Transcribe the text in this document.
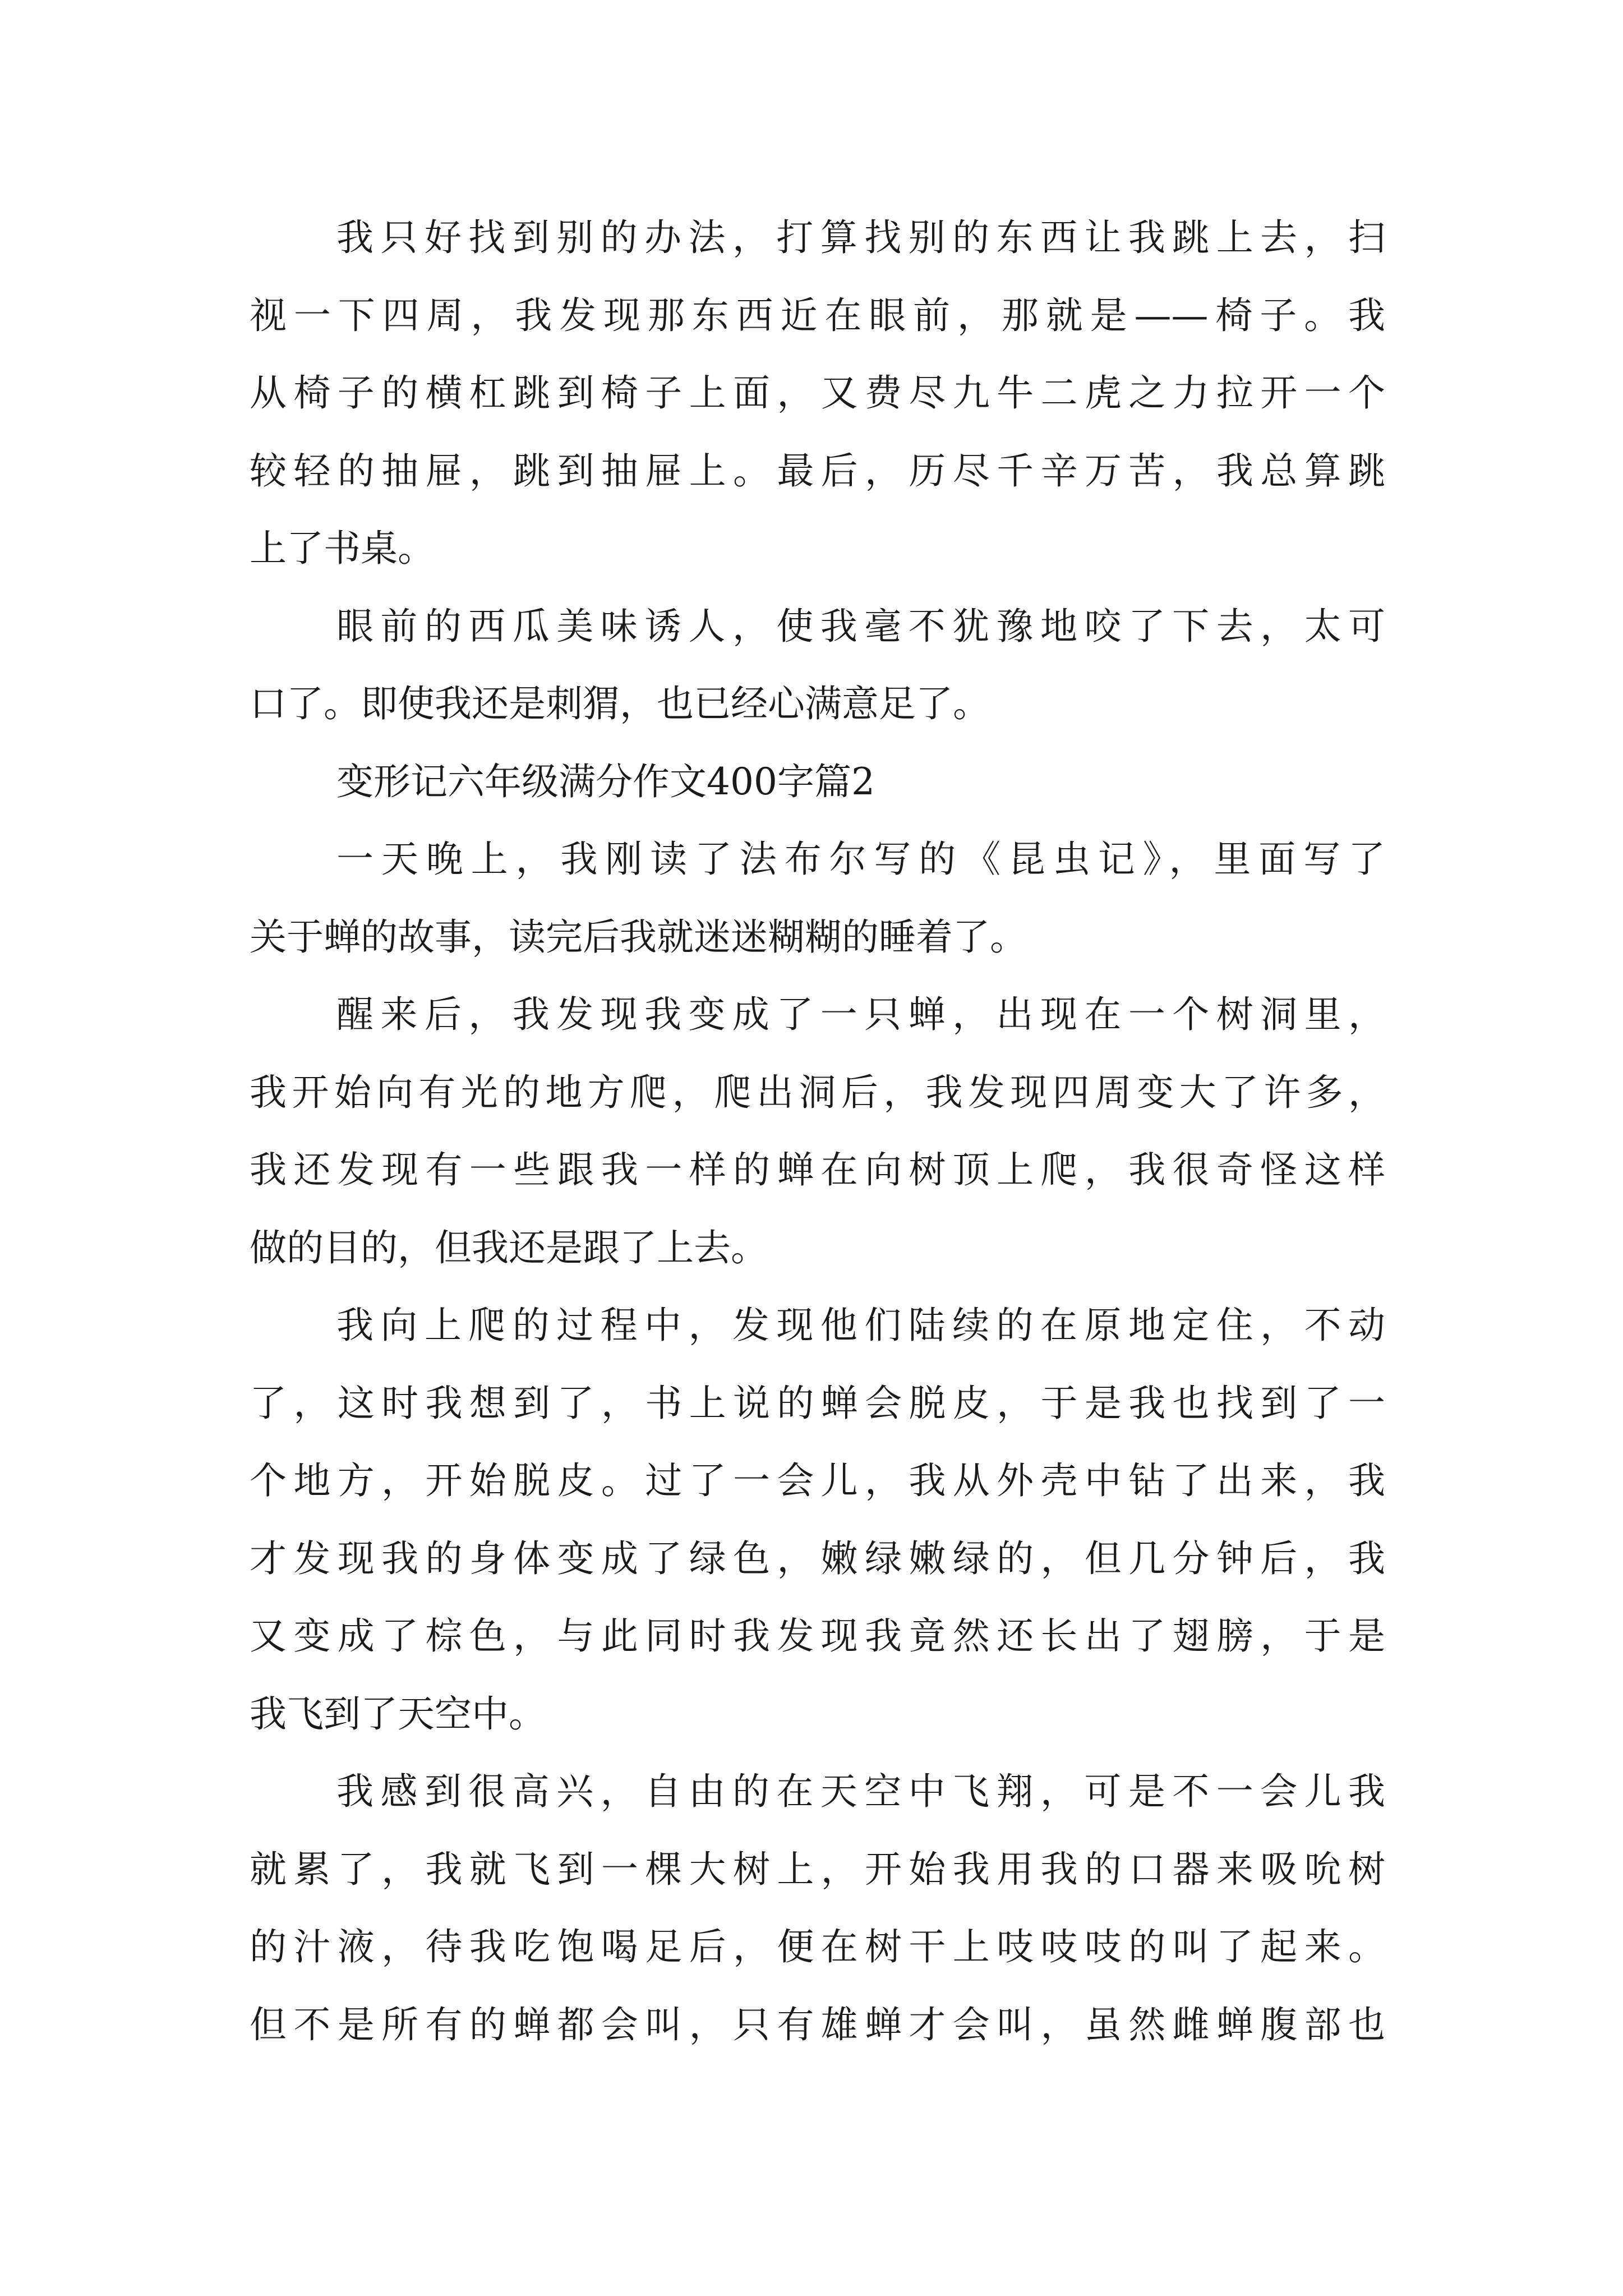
我只好找到别的办法，打算找别的东西让我跳上去，扫
视一下四周，我发现那东西近在眼前，那就是——椅子。我
从椅子的横杠跳到椅子上面，又费尽九牛二虎之力拉开一个
较轻的抽屉，跳到抽屉上。最后，历尽千辛万苦，我总算跳
上了书桌。
眼前的西瓜美味诱人，使我毫不犹豫地咬了下去，太可
口了。即使我还是刺猬，也已经心满意足了。
变形记六年级满分作文400字篇2
一天晚上，我刚读了法布尔写的《昆虫记》，里面写了
关于蝉的故事，读完后我就迷迷糊糊的睡着了。
醒来后，我发现我变成了一只蝉，出现在一个树洞里，
我开始向有光的地方爬，爬出洞后，我发现四周变大了许多，
我还发现有一些跟我一样的蝉在向树顶上爬，我很奇怪这样
做的目的，但我还是跟了上去。
我向上爬的过程中，发现他们陆续的在原地定住，不动
了，这时我想到了，书上说的蝉会脱皮，于是我也找到了一
个地方，开始脱皮。过了一会儿，我从外壳中钻了出来，我
才发现我的身体变成了绿色，嫩绿嫩绿的，但几分钟后，我
又变成了棕色，与此同时我发现我竟然还长出了翅膀，于是
我飞到了天空中。
我感到很高兴，自由的在天空中飞翔，可是不一会儿我
就累了，我就飞到一棵大树上，开始我用我的口器来吸吮树
的汁液，待我吃饱喝足后，便在树干上吱吱吱的叫了起来。
但不是所有的蝉都会叫，只有雄蝉才会叫，虽然雌蝉腹部也
